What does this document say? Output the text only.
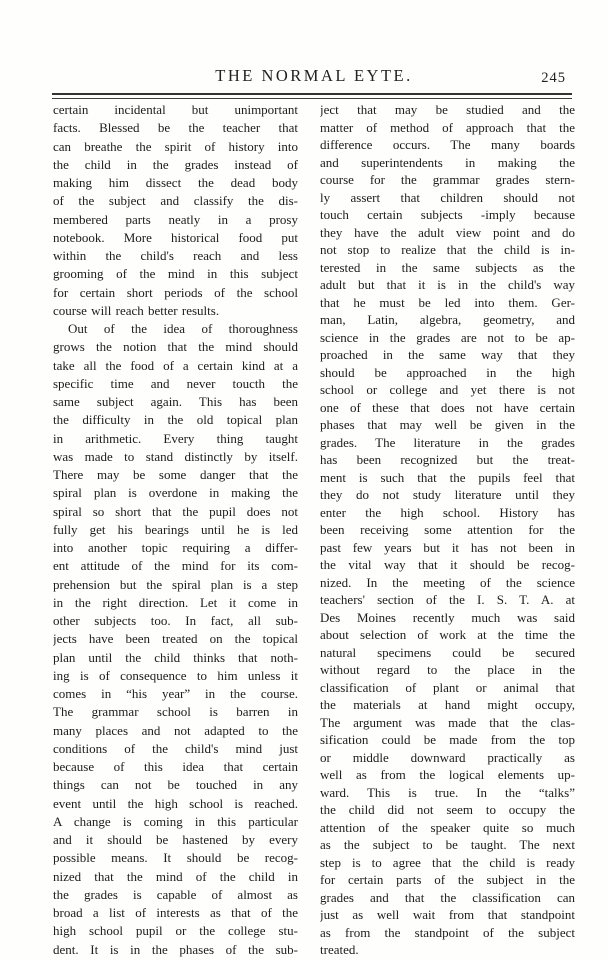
THE NORMAL EYTE.	245
certain incidental but unimportant
facts. Blessed be the teacher that
can breathe the spirit of history into
the child in the grades instead of
making him dissect the dead body
of the subject and classify the dis-
membered parts neatly in a prosy
notebook. More historical food put
within the child's reach and less
grooming of the mind in this subject
for certain short periods of the school
course will reach better results.
Out of the idea of thoroughness
grows the notion that the mind should
take all the food of a certain kind at a
specific time and never toucth the
same subject again. This has been
the difficulty in the old topical plan
in arithmetic. Every thing taught
was made to stand distinctly by itself.
There may be some danger that the
spiral plan is overdone in making the
spiral so short that the pupil does not
fully get his bearings until he is led
into another topic requiring a differ-
ent attitude of the mind for its com-
prehension but the spiral plan is a step
in the right direction. Let it come in
other subjects too. In fact, all sub-
jects have been treated on the topical
plan until the child thinks that noth-
ing is of consequence to him unless it
comes in “his year” in the course.
The grammar school is barren in
many places and not adapted to the
conditions of the child's mind just
because of this idea that certain
things can not be touched in any
event until the high school is reached.
A change is coming in this particular
and it should be hastened by every
possible means. It should be recog-
nized that the mind of the child in
the grades is capable of almost as
broad a list of interests as that of the
high school pupil or the college stu-
dent. It is in the phases of the sub-
ject that may be studied and the
matter of method of approach that the
difference occurs. The many boards
and superintendents in making the
course for the grammar grades stern-
ly assert that children should not
touch certain subjects -imply because
they have the adult view point and do
not stop to realize that the child is in-
terested in the same subjects as the
adult but that it is in the child's way
that he must be led into them. Ger-
man, Latin, algebra, geometry, and
science in the grades are not to be ap-
proached in the same way that they
should be approached in the high
school or college and yet there is not
one of these that does not have certain
phases that may well be given in the
grades. The literature in the grades
has been recognized but the treat-
ment is such that the pupils feel that
they do not study literature until they
enter the high school. History has
been receiving some attention for the
past few years but it has not been in
the vital way that it should be recog-
nized. In the meeting of the science
teachers' section of the I. S. T. A. at
Des Moines recently much was said
about selection of work at the time the
natural specimens could be secured
without regard to the place in the
classification of plant or animal that
the materials at hand might occupy,
The argument was made that the clas-
sification could be made from the top
or middle downward practically as
well as from the logical elements up-
ward. This is true. In the “talks”
the child did not seem to occupy the
attention of the speaker quite so much
as the subject to be taught. The next
step is to agree that the child is ready
for certain parts of the subject in the
grades and that the classification can
just as well wait from that standpoint
as from the standpoint of the subject
treated.
